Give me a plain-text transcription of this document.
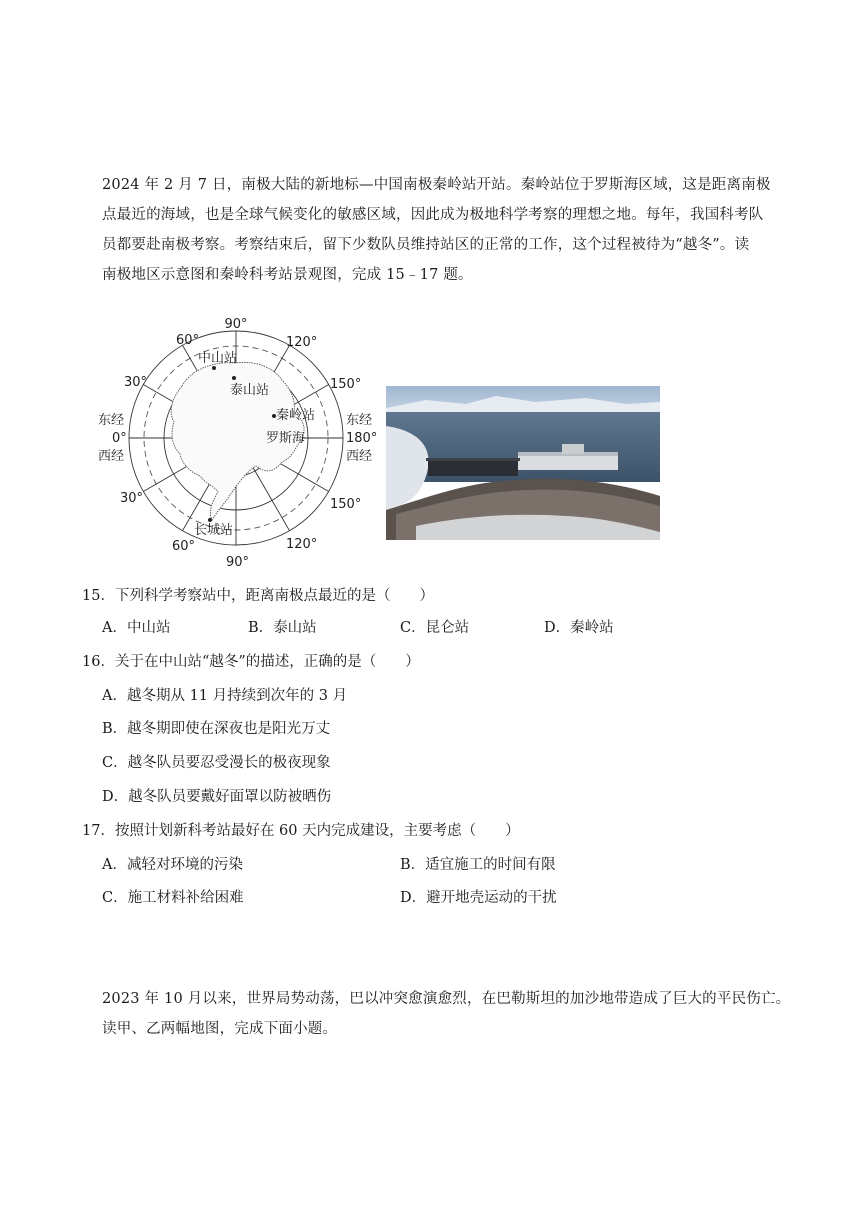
2024 年 2 月 7 日，南极大陆的新地标—中国南极秦岭站开站。秦岭站位于罗斯海区域，这是距离南极
点最近的海域，也是全球气候变化的敏感区域，因此成为极地科学考察的理想之地。每年，我国科考队
员都要赴南极考察。考察结束后，留下少数队员维持站区的正常的工作，这个过程被待为“越冬”。读
南极地区示意图和秦岭科考站景观图，完成 15﹣17 题。
90°
60°	120°
30°	150°
东经
0°
西经
东经
180°
西经
30°	150°
60°
90°
120°
中山站
泰山站
秦岭站
罗斯海
长城站
15．下列科学考察站中，距离南极点最近的是（　　）
A．中山站	B．泰山站	C．昆仑站	D．秦岭站
16．关于在中山站“越冬”的描述，正确的是（　　）
A．越冬期从 11 月持续到次年的 3 月
B．越冬期即使在深夜也是阳光万丈
C．越冬队员要忍受漫长的极夜现象
D．越冬队员要戴好面罩以防被晒伤
17．按照计划新科考站最好在 60 天内完成建设，主要考虑（　　）
A．减轻对环境的污染	B．适宜施工的时间有限
C．施工材料补给困难	D．避开地壳运动的干扰
2023 年 10 月以来，世界局势动荡，巴以冲突愈演愈烈，在巴勒斯坦的加沙地带造成了巨大的平民伤亡。
读甲、乙两幅地图，完成下面小题。
